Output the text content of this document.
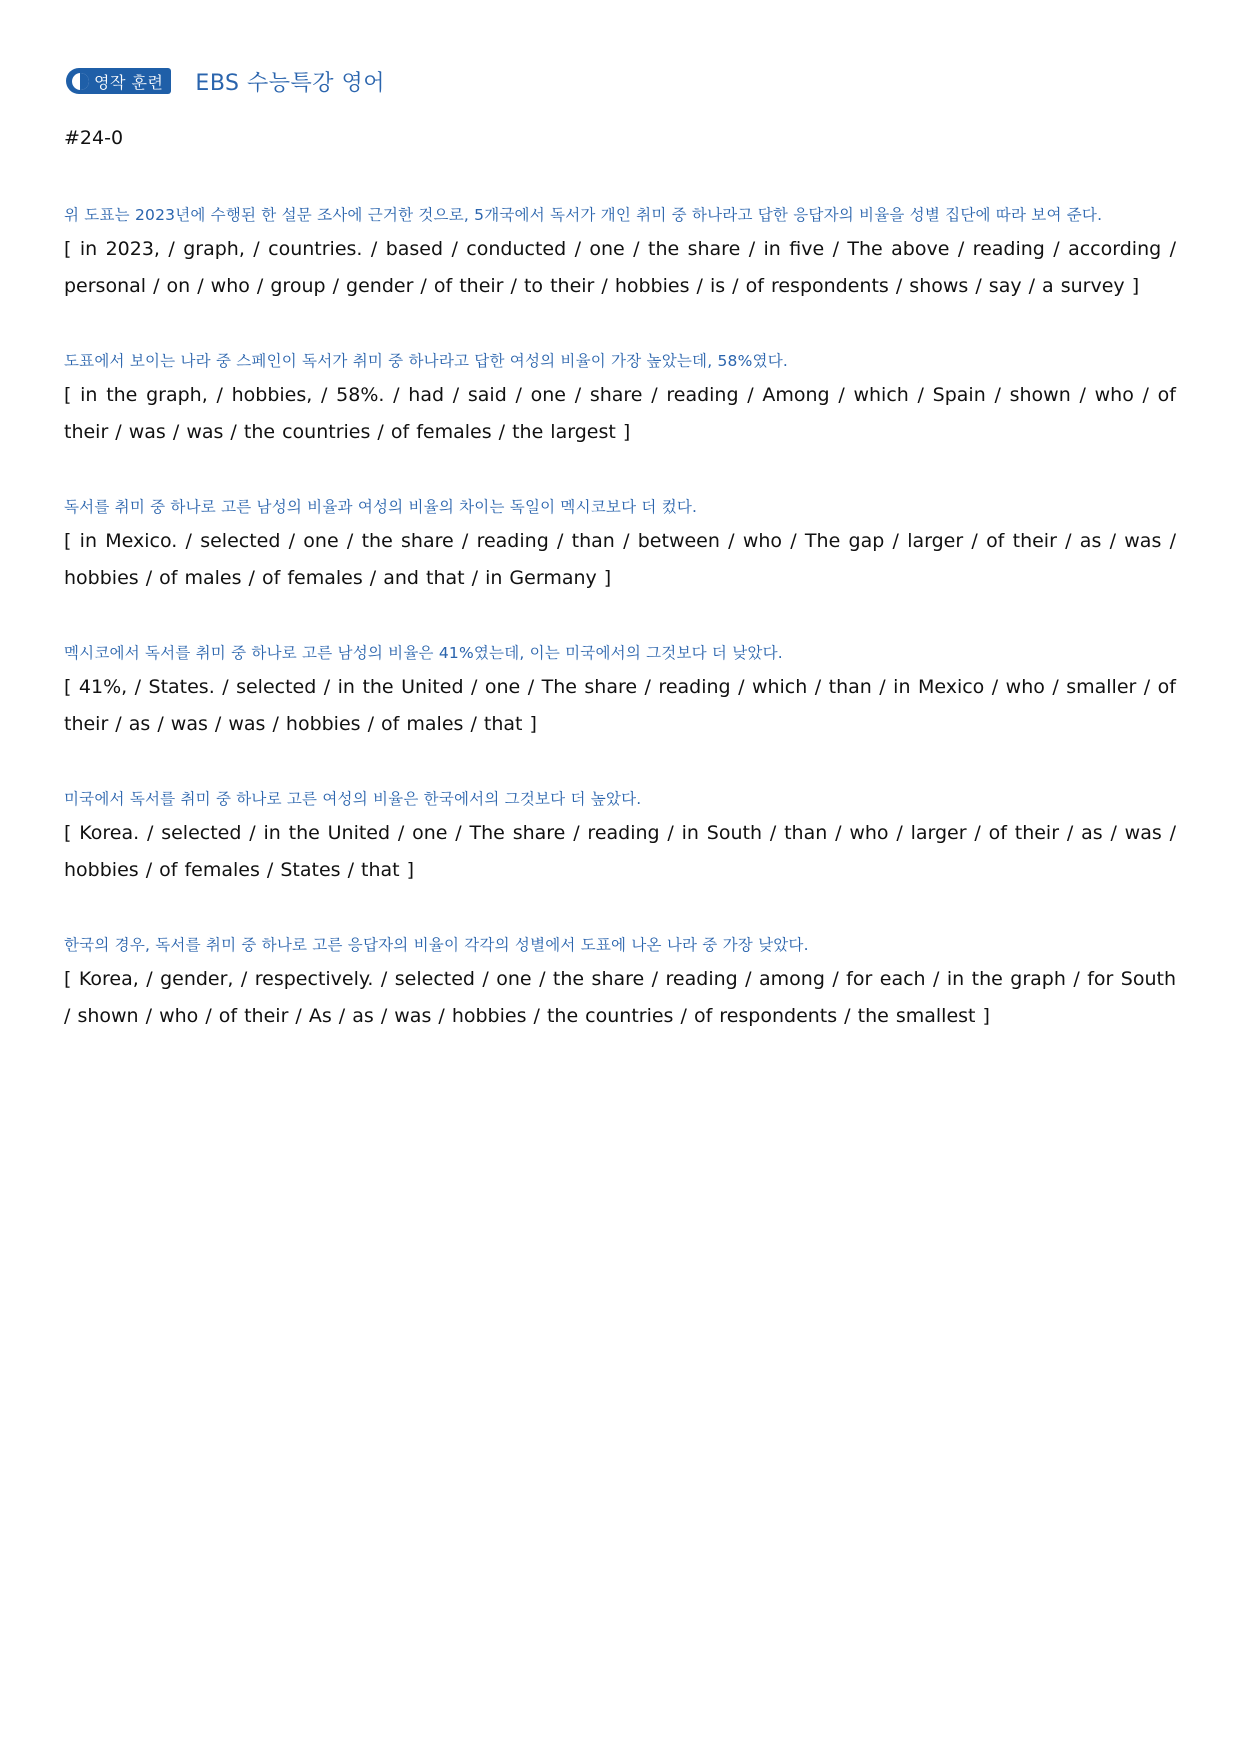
영작 훈련 EBS 수능특강 영어
#24-0
위 도표는 2023년에 수행된 한 설문 조사에 근거한 것으로, 5개국에서 독서가 개인 취미 중 하나라고 답한 응답자의 비율을 성별 집단에 따라 보여 준다.
[ in 2023, / graph, / countries. / based / conducted / one / the share / in five / The above / reading / according / personal / on / who / group / gender / of their / to their / hobbies / is / of respondents / shows / say / a survey ]
도표에서 보이는 나라 중 스페인이 독서가 취미 중 하나라고 답한 여성의 비율이 가장 높았는데, 58%였다.
[ in the graph, / hobbies, / 58%. / had / said / one / share / reading / Among / which / Spain / shown / who / of their / was / was / the countries / of females / the largest ]
독서를 취미 중 하나로 고른 남성의 비율과 여성의 비율의 차이는 독일이 멕시코보다 더 컸다.
[ in Mexico. / selected / one / the share / reading / than / between / who / The gap / larger / of their / as / was / hobbies / of males / of females / and that / in Germany ]
멕시코에서 독서를 취미 중 하나로 고른 남성의 비율은 41%였는데, 이는 미국에서의 그것보다 더 낮았다.
[ 41%, / States. / selected / in the United / one / The share / reading / which / than / in Mexico / who / smaller / of their / as / was / was / hobbies / of males / that ]
미국에서 독서를 취미 중 하나로 고른 여성의 비율은 한국에서의 그것보다 더 높았다.
[ Korea. / selected / in the United / one / The share / reading / in South / than / who / larger / of their / as / was / hobbies / of females / States / that ]
한국의 경우, 독서를 취미 중 하나로 고른 응답자의 비율이 각각의 성별에서 도표에 나온 나라 중 가장 낮았다.
[ Korea, / gender, / respectively. / selected / one / the share / reading / among / for each / in the graph / for South / shown / who / of their / As / as / was / hobbies / the countries / of respondents / the smallest ]
